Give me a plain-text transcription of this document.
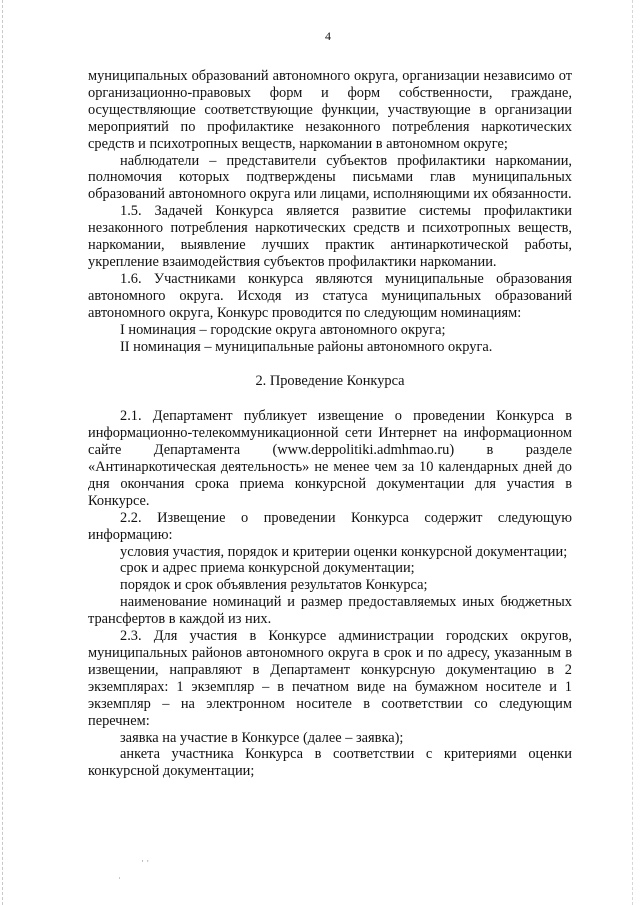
4

муниципальных образований автономного округа, организации независимо от организационно-правовых форм и форм собственности, граждане, осуществляющие соответствующие функции, участвующие в организации мероприятий по профилактике незаконного потребления наркотических средств и психотропных веществ, наркомании в автономном округе;

наблюдатели – представители субъектов профилактики наркомании, полномочия которых подтверждены письмами глав муниципальных образований автономного округа или лицами, исполняющими их обязанности.

1.5. Задачей Конкурса является развитие системы профилактики незаконного потребления наркотических средств и психотропных веществ, наркомании, выявление лучших практик антинаркотической работы, укрепление взаимодействия субъектов профилактики наркомании.

1.6. Участниками конкурса являются муниципальные образования автономного округа. Исходя из статуса муниципальных образований автономного округа, Конкурс проводится по следующим номинациям:

I номинация – городские округа автономного округа;

II номинация – муниципальные районы автономного округа.

2. Проведение Конкурса

2.1. Департамент публикует извещение о проведении Конкурса в информационно-телекоммуникационной сети Интернет на информационном сайте Департамента (www.deppolitiki.admhmao.ru) в разделе «Антинаркотическая деятельность» не менее чем за 10 календарных дней до дня окончания срока приема конкурсной документации для участия в Конкурсе.

2.2. Извещение о проведении Конкурса содержит следующую информацию:

условия участия, порядок и критерии оценки конкурсной документации;

срок и адрес приема конкурсной документации;

порядок и срок объявления результатов Конкурса;

наименование номинаций и размер предоставляемых иных бюджетных трансфертов в каждой из них.

2.3. Для участия в Конкурсе администрации городских округов, муниципальных районов автономного округа в срок и по адресу, указанным в извещении, направляют в Департамент конкурсную документацию в 2 экземплярах: 1 экземпляр – в печатном виде на бумажном носителе и 1 экземпляр – на электронном носителе в соответствии со следующим перечнем:

заявка на участие в Конкурсе (далее – заявка);

анкета участника Конкурса в соответствии с критериями оценки конкурсной документации;

· ·
ʾ
